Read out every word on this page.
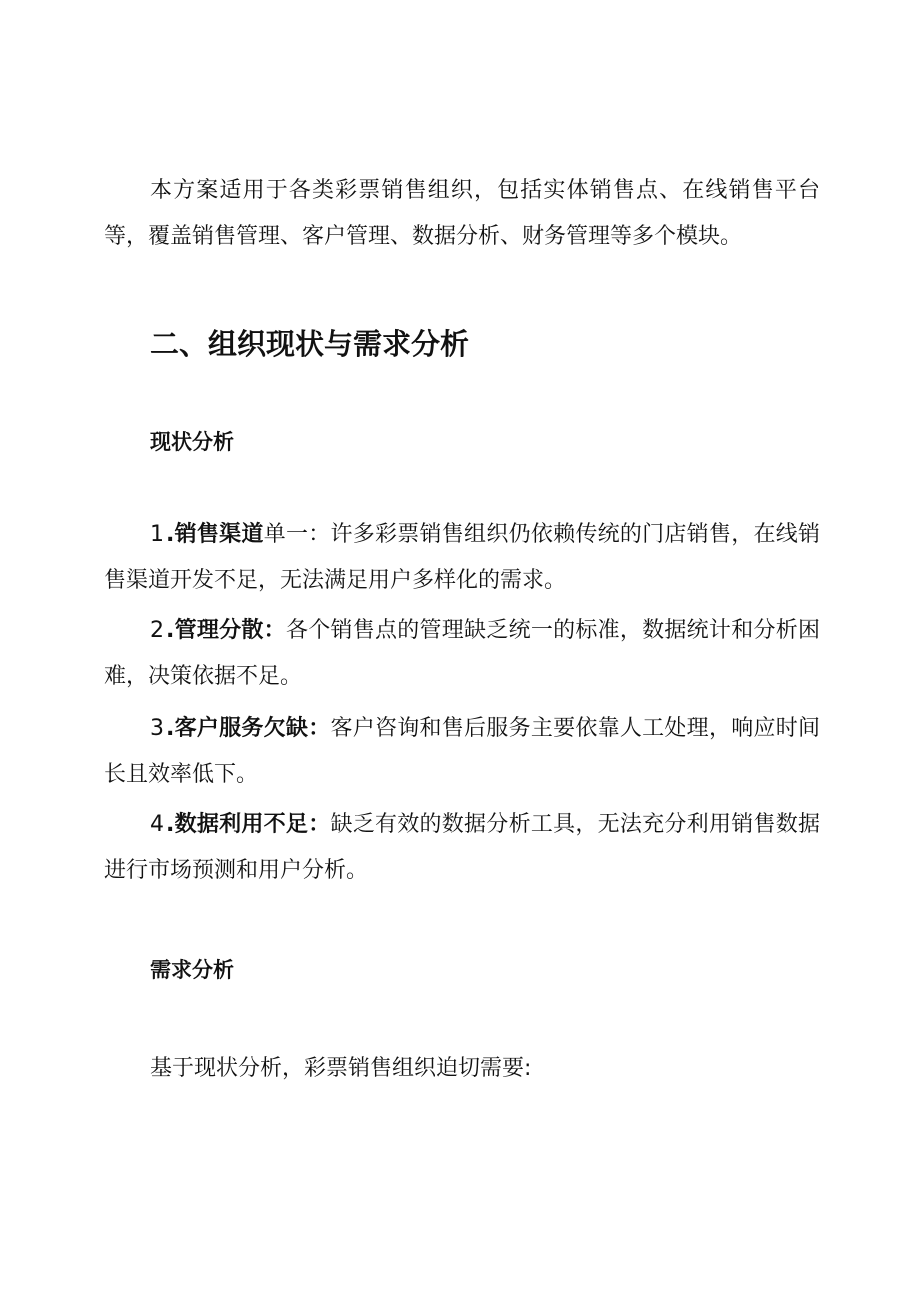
本方案适用于各类彩票销售组织，包括实体销售点、在线销售平台等，覆盖销售管理、客户管理、数据分析、财务管理等多个模块。

二、组织现状与需求分析
现状分析

1.销售渠道单一：许多彩票销售组织仍依赖传统的门店销售，在线销售渠道开发不足，无法满足用户多样化的需求。

2.管理分散：各个销售点的管理缺乏统一的标准，数据统计和分析困难，决策依据不足。

3.客户服务欠缺：客户咨询和售后服务主要依靠人工处理，响应时间长且效率低下。

4.数据利用不足：缺乏有效的数据分析工具，无法充分利用销售数据进行市场预测和用户分析。

需求分析

基于现状分析，彩票销售组织迫切需要:
